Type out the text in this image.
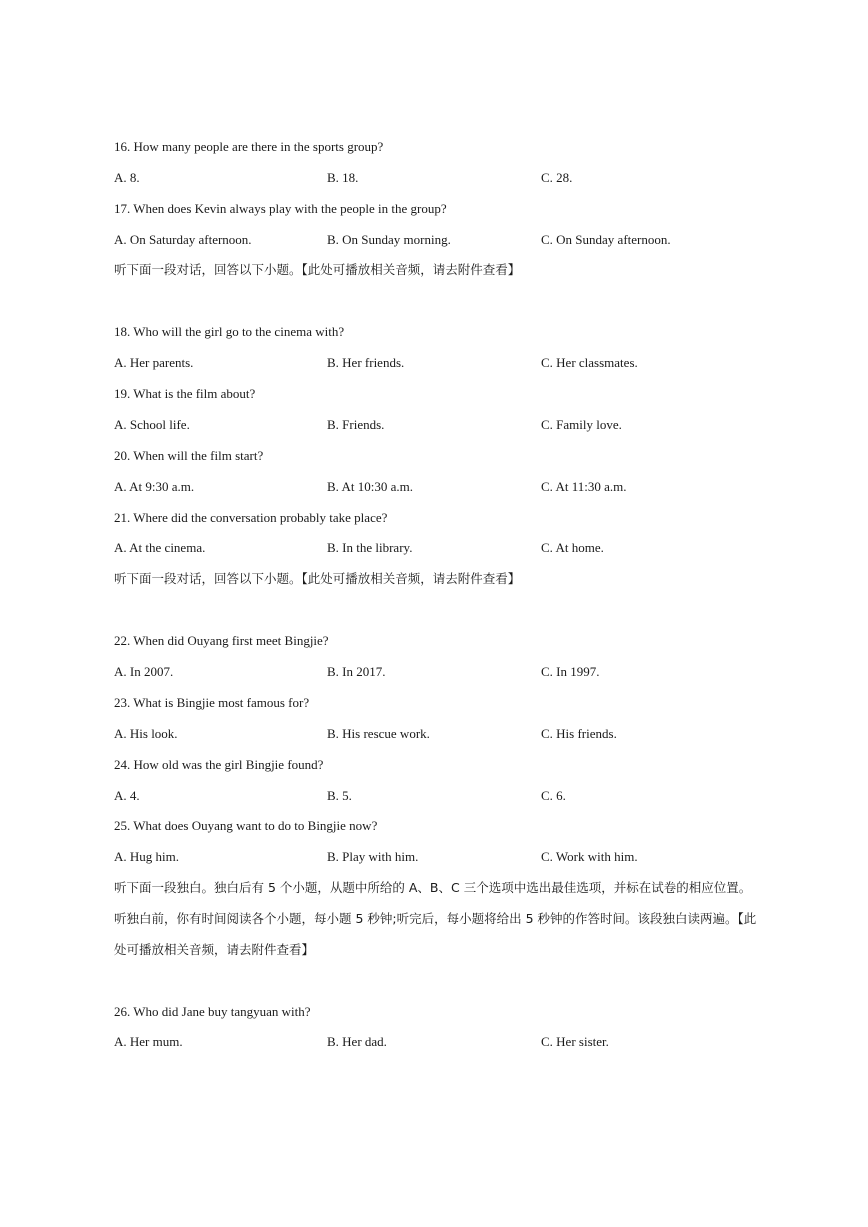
16. How many people are there in the sports group?
A. 8.	B. 18.	C. 28.
17. When does Kevin always play with the people in the group?
A. On Saturday afternoon.	B. On Sunday morning.	C. On Sunday afternoon.
听下面一段对话，回答以下小题。【此处可播放相关音频，请去附件查看】
18. Who will the girl go to the cinema with?
A. Her parents.	B. Her friends.	C. Her classmates.
19. What is the film about?
A. School life.	B. Friends.	C. Family love.
20. When will the film start?
A. At 9:30 a.m.	B. At 10:30 a.m.	C. At 11:30 a.m.
21. Where did the conversation probably take place?
A. At the cinema.	B. In the library.	C. At home.
听下面一段对话，回答以下小题。【此处可播放相关音频，请去附件查看】
22. When did Ouyang first meet Bingjie?
A. In 2007.	B. In 2017.	C. In 1997.
23. What is Bingjie most famous for?
A. His look.	B. His rescue work.	C. His friends.
24. How old was the girl Bingjie found?
A. 4.	B. 5.	C. 6.
25. What does Ouyang want to do to Bingjie now?
A. Hug him.	B. Play with him.	C. Work with him.
听下面一段独白。独白后有 5 个小题，从题中所给的 A、B、C 三个选项中选出最佳选项，并标在试卷的相应位置。听独白前，你有时间阅读各个小题，每小题 5 秒钟;听完后，每小题将给出 5 秒钟的作答时间。该段独白读两遍。【此处可播放相关音频，请去附件查看】
26. Who did Jane buy tangyuan with?
A. Her mum.	B. Her dad.	C. Her sister.
